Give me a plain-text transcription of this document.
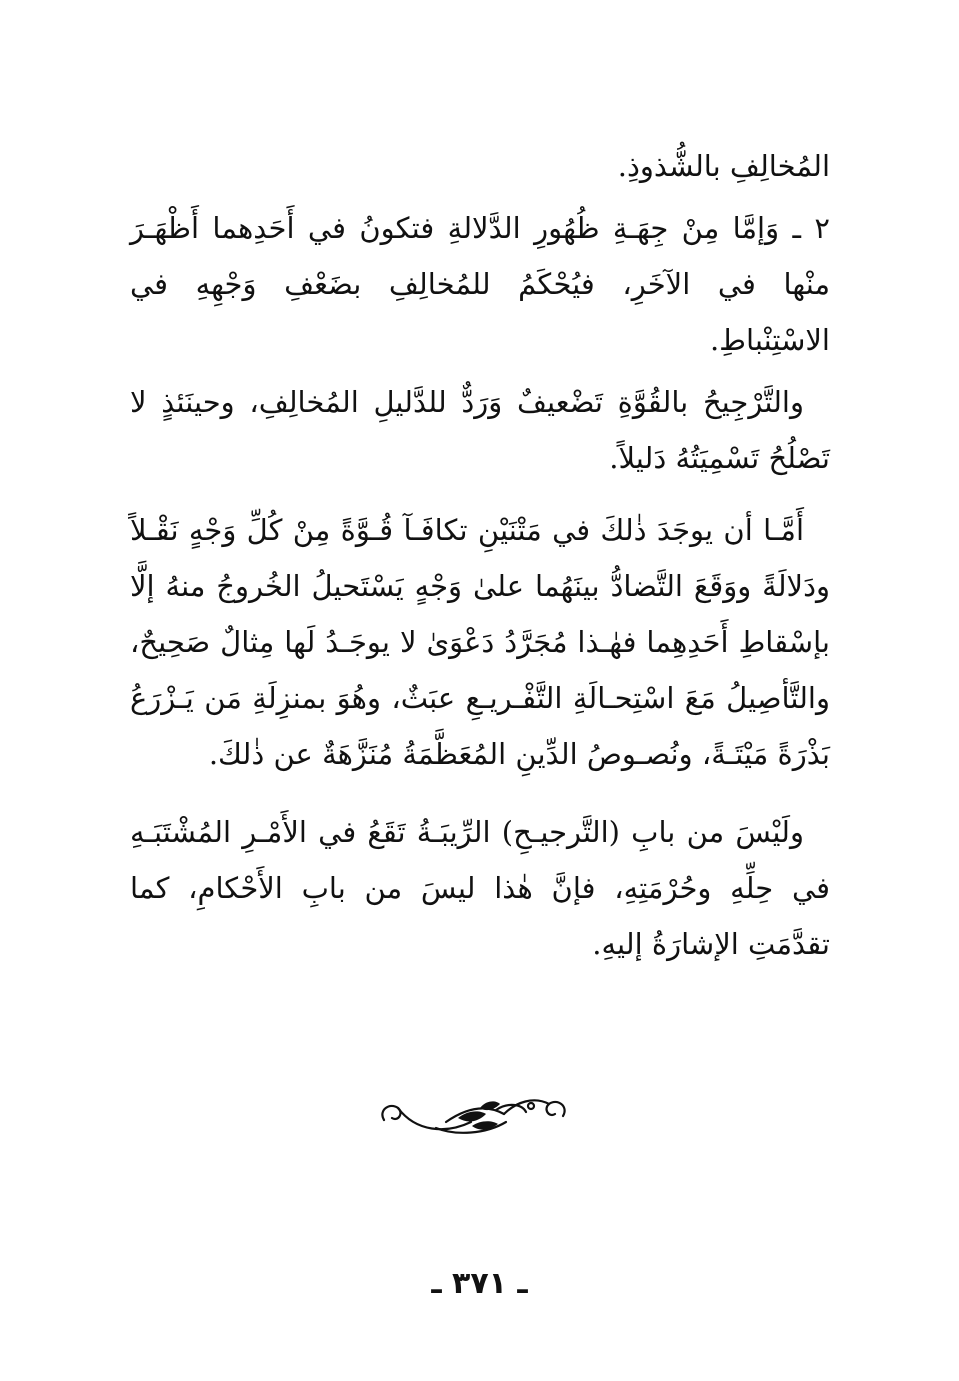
المُخالِفِ بالشُّذوذِ.

٢ ـ وَإمَّا مِنْ جِهَـةِ ظُهُورِ الدَّلالةِ فتكونُ في أَحَدِهما أَظْهَـرَ منْها في الآخَرِ، فيُحْكَمُ للمُخالِفِ بضَعْفِ وَجْهِهِ في الاسْتِنْباطِ.

والتَّرْجِيحُ بالقُوَّةِ تَضْعيفٌ وَرَدٌّ للدَّليلِ المُخالِفِ، وحينَئذٍ لا تَصْلُحُ تَسْمِيَتُهُ دَليلاً.

أَمَّـا أن يوجَدَ ذٰلكَ في مَتْنَيْنِ تكافَـآ قُـوَّةً مِنْ كُلِّ وَجْهٍ نَقْـلاً ودَلالَةً ووَقَعَ التَّضادُّ بينَهُما علىٰ وَجْهٍ يَسْتَحيلُ الخُروجُ منهُ إلَّا بإسْقاطِ أَحَدِهِما فهٰـذا مُجَرَّدُ دَعْوَىٰ لا يوجَـدُ لَها مِثالٌ صَحِيحٌ، والتَّأصِيلُ مَعَ اسْتِحـالَةِ التَّفْـريـعِ عبَثٌ، وهُوَ بمنزِلَةِ مَن يَـزْرَعُ بَذْرَةً مَيْتَـةً، ونُصـوصُ الدِّينِ المُعَظَّمَةُ مُنَزَّهَةٌ عن ذٰلكَ.

ولَيْسَ من بابِ (التَّرجيـحِ) الرِّيبَـةُ تَقَعُ في الأَمْـرِ المُشْتَبَـهِ في حِلِّهِ وحُرْمَتِهِ، فإنَّ هٰذا ليسَ من بابِ الأَحْكامِ، كما تقدَّمَتِ الإشارَةُ إليهِ.

ـ ٣٧١ ـ
